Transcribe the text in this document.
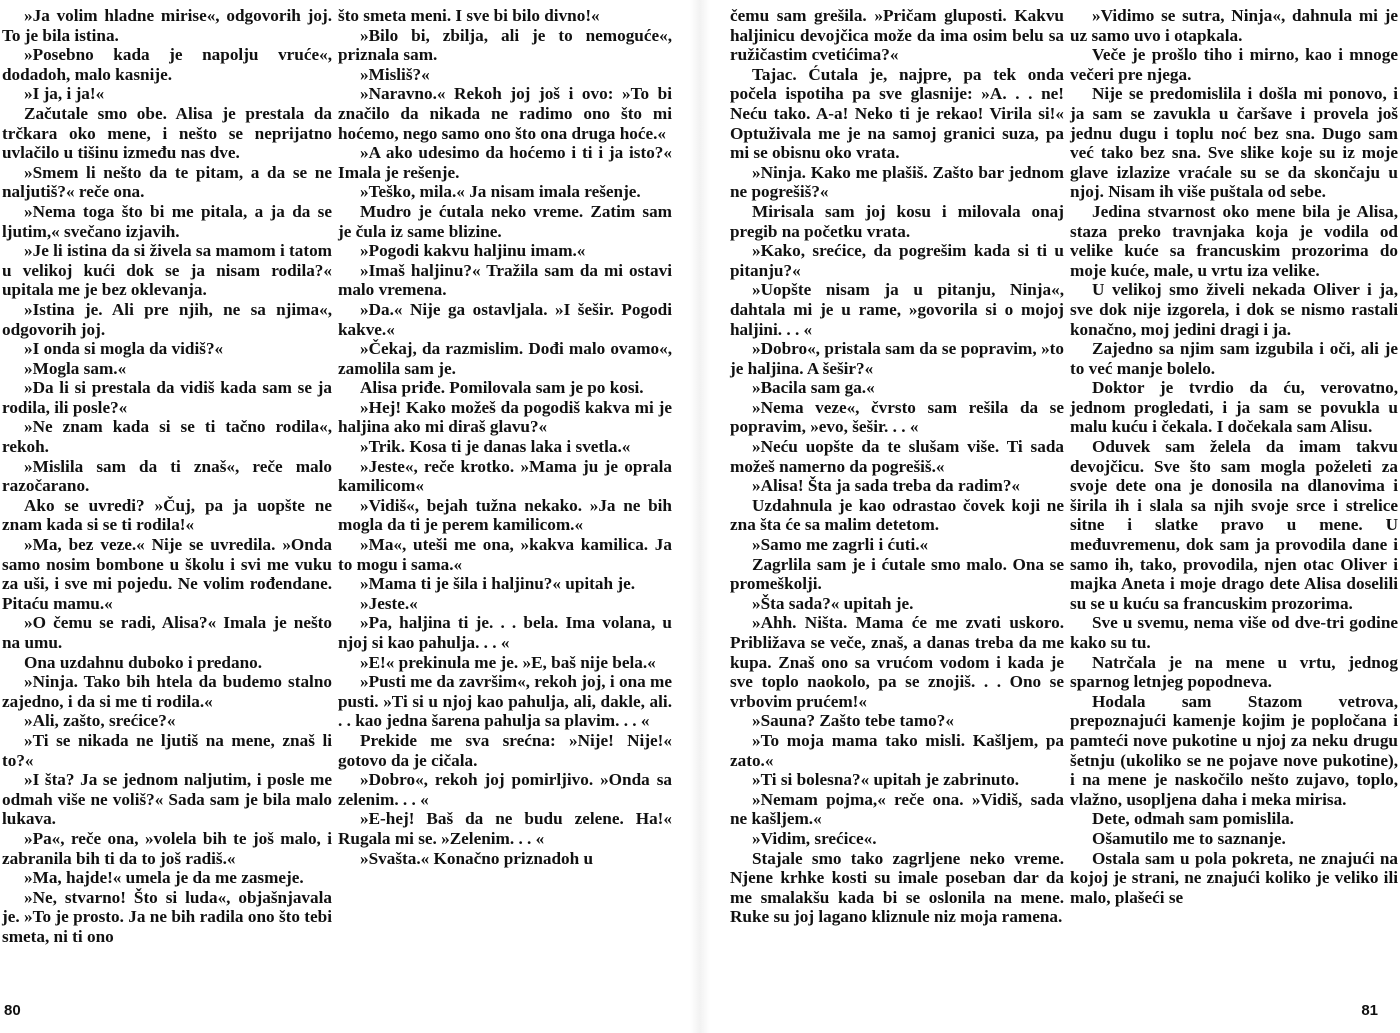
»Ja volim hladne mirise«, odgovorih joj. To je bila istina.

»Posebno kada je napolju vruće«, dodadoh, malo kasnije.

»I ja, i ja!«

Začutale smo obe. Alisa je prestala da trčkara oko mene, i nešto se neprijatno uvlačilo u tišinu između nas dve.

»Smem li nešto da te pitam, a da se ne naljutiš?« reče ona.

»Nema toga što bi me pitala, a ja da se ljutim,« svečano izjavih.

»Je li istina da si živela sa mamom i tatom u velikoj kući dok se ja nisam rodila?« upitala me je bez oklevanja.

»Istina je. Ali pre njih, ne sa njima«, odgovorih joj.

»I onda si mogla da vidiš?«

»Mogla sam.«

»Da li si prestala da vidiš kada sam se ja rodila, ili posle?«

»Ne znam kada si se ti tačno rodila«, rekoh.

»Mislila sam da ti znaš«, reče malo razočarano.

Ako se uvredi? »Čuj, pa ja uopšte ne znam kada si se ti rodila!«

»Ma, bez veze.« Nije se uvredila. »Onda samo nosim bombone u školu i svi me vuku za uši, i sve mi pojedu. Ne volim rođendane. Pitaću mamu.«

»O čemu se radi, Alisa?« Imala je nešto na umu.

Ona uzdahnu duboko i predano.

»Ninja. Tako bih htela da budemo stalno zajedno, i da si me ti rodila.«

»Ali, zašto, srećice?«

»Ti se nikada ne ljutiš na mene, znaš li to?«

»I šta? Ja se jednom naljutim, i posle me odmah više ne voliš?« Sada sam je bila malo lukava.

»Pa«, reče ona, »volela bih te još malo, i zabranila bih ti da to još radiš.«

»Ma, hajde!« umela je da me zasmeje.

»Ne, stvarno! Što si luda«, objašnjavala je. »To je prosto. Ja ne bih radila ono što tebi smeta, ni ti ono

što smeta meni. I sve bi bilo divno!«

»Bilo bi, zbilja, ali je to nemoguće«, priznala sam.

»Misliš?«

»Naravno.« Rekoh joj još i ovo: »To bi značilo da nikada ne radimo ono što mi hoćemo, nego samo ono što ona druga hoće.«

»A ako udesimo da hoćemo i ti i ja isto?« Imala je rešenje.

»Teško, mila.« Ja nisam imala rešenje.

Mudro je ćutala neko vreme. Zatim sam je čula iz same blizine.

»Pogodi kakvu haljinu imam.«

»Imaš haljinu?« Tražila sam da mi ostavi malo vremena.

»Da.« Nije ga ostavljala. »I šešir. Pogodi kakve.«

»Čekaj, da razmislim. Dođi malo ovamo«, zamolila sam je.

Alisa priđe. Pomilovala sam je po kosi.

»Hej! Kako možeš da pogodiš kakva mi je haljina ako mi diraš glavu?«

»Trik. Kosa ti je danas laka i svetla.«

»Jeste«, reče krotko. »Mama ju je oprala kamilicom«

»Vidiš«, bejah tužna nekako. »Ja ne bih mogla da ti je perem kamilicom.«

»Ma«, uteši me ona, »kakva kamilica. Ja to mogu i sama.«

»Mama ti je šila i haljinu?« upitah je.

»Jeste.«

»Pa, haljina ti je. . . bela. Ima volana, u njoj si kao pahulja. . . «

»E!« prekinula me je. »E, baš nije bela.«

»Pusti me da završim«, rekoh joj, i ona me pusti. »Ti si u njoj kao pahulja, ali, dakle, ali. . . kao jedna šarena pahulja sa plavim. . . «

Prekide me sva srećna: »Nije! Nije!« gotovo da je cičala.

»Dobro«, rekoh joj pomirljivo. »Onda sa zelenim. . . «

»E-hej! Baš da ne budu zelene. Ha!« Rugala mi se. »Zelenim. . . «

»Svašta.« Konačno priznadoh u

80

čemu sam grešila. »Pričam gluposti. Kakvu haljinicu devojčica može da ima osim belu sa ružičastim cvetićima?«

Tajac. Ćutala je, najpre, pa tek onda počela ispotiha pa sve glasnije: »A. . . ne! Neću tako. A-a! Neko ti je rekao! Virila si!« Optuživala me je na samoj granici suza, pa mi se obisnu oko vrata.

»Ninja. Kako me plašiš. Zašto bar jednom ne pogrešiš?«

Mirisala sam joj kosu i milovala onaj pregib na početku vrata.

»Kako, srećice, da pogrešim kada si ti u pitanju?«

»Uopšte nisam ja u pitanju, Ninja«, dahtala mi je u rame, »govorila si o mojoj haljini. . . «

»Dobro«, pristala sam da se popravim, »to je haljina. A šešir?«

»Bacila sam ga.«

»Nema veze«, čvrsto sam rešila da se popravim, »evo, šešir. . . «

»Neću uopšte da te slušam više. Ti sada možeš namerno da pogrešiš.«

»Alisa! Šta ja sada treba da radim?«

Uzdahnula je kao odrastao čovek koji ne zna šta će sa malim detetom.

»Samo me zagrli i ćuti.«

Zagrlila sam je i ćutale smo malo. Ona se promeškolji.

»Šta sada?« upitah je.

»Ahh. Ništa. Mama će me zvati uskoro. Približava se veče, znaš, a danas treba da me kupa. Znaš ono sa vrućom vodom i kada je sve toplo naokolo, pa se znojiš. . . Ono se vrbovim prućem!«

»Sauna? Zašto tebe tamo?«

»To moja mama tako misli. Kašljem, pa zato.«

»Ti si bolesna?« upitah je zabrinuto.

»Nemam pojma,« reče ona. »Vidiš, sada ne kašljem.«

»Vidim, srećice«.

Stajale smo tako zagrljene neko vreme. Njene krhke kosti su imale poseban dar da me smalakšu kada bi se oslonila na mene. Ruke su joj lagano kliznule niz moja ramena.

»Vidimo se sutra, Ninja«, dahnula mi je uz samo uvo i otapkala.

Veče je prošlo tiho i mirno, kao i mnoge večeri pre njega.

Nije se predomislila i došla mi ponovo, i ja sam se zavukla u čaršave i provela još jednu dugu i toplu noć bez sna. Dugo sam već tako bez sna. Sve slike koje su iz moje glave izlazize vraćale su se da skončaju u njoj. Nisam ih više puštala od sebe.

Jedina stvarnost oko mene bila je Alisa, staza preko travnjaka koja je vodila od velike kuće sa francuskim prozorima do moje kuće, male, u vrtu iza velike.

U velikoj smo živeli nekada Oliver i ja, sve dok nije izgorela, i dok se nismo rastali konačno, moj jedini dragi i ja.

Zajedno sa njim sam izgubila i oči, ali je to već manje bolelo.

Doktor je tvrdio da ću, verovatno, jednom progledati, i ja sam se povukla u malu kuću i čekala. I dočekala sam Alisu.

Oduvek sam želela da imam takvu devojčicu. Sve što sam mogla poželeti za svoje dete ona je donosila na dlanovima i širila ih i slala sa njih svoje srce i strelice sitne i slatke pravo u mene. U međuvremenu, dok sam ja provodila dane i samo ih, tako, provodila, njen otac Oliver i majka Aneta i moje drago dete Alisa doselili su se u kuću sa francuskim prozorima.

Sve u svemu, nema više od dve-tri godine kako su tu.

Natrčala je na mene u vrtu, jednog sparnog letnjeg popodneva.

Hodala sam Stazom vetrova, prepoznajući kamenje kojim je popločana i pamteći nove pukotine u njoj za neku drugu šetnju (ukoliko se ne pojave nove pukotine), i na mene je naskočilo nešto zujavo, toplo, vlažno, usopljena daha i meka mirisa.

Dete, odmah sam pomislila.

Ošamutilo me to saznanje.

Ostala sam u pola pokreta, ne znajući na kojoj je strani, ne znajući koliko je veliko ili malo, plašeći se

81
